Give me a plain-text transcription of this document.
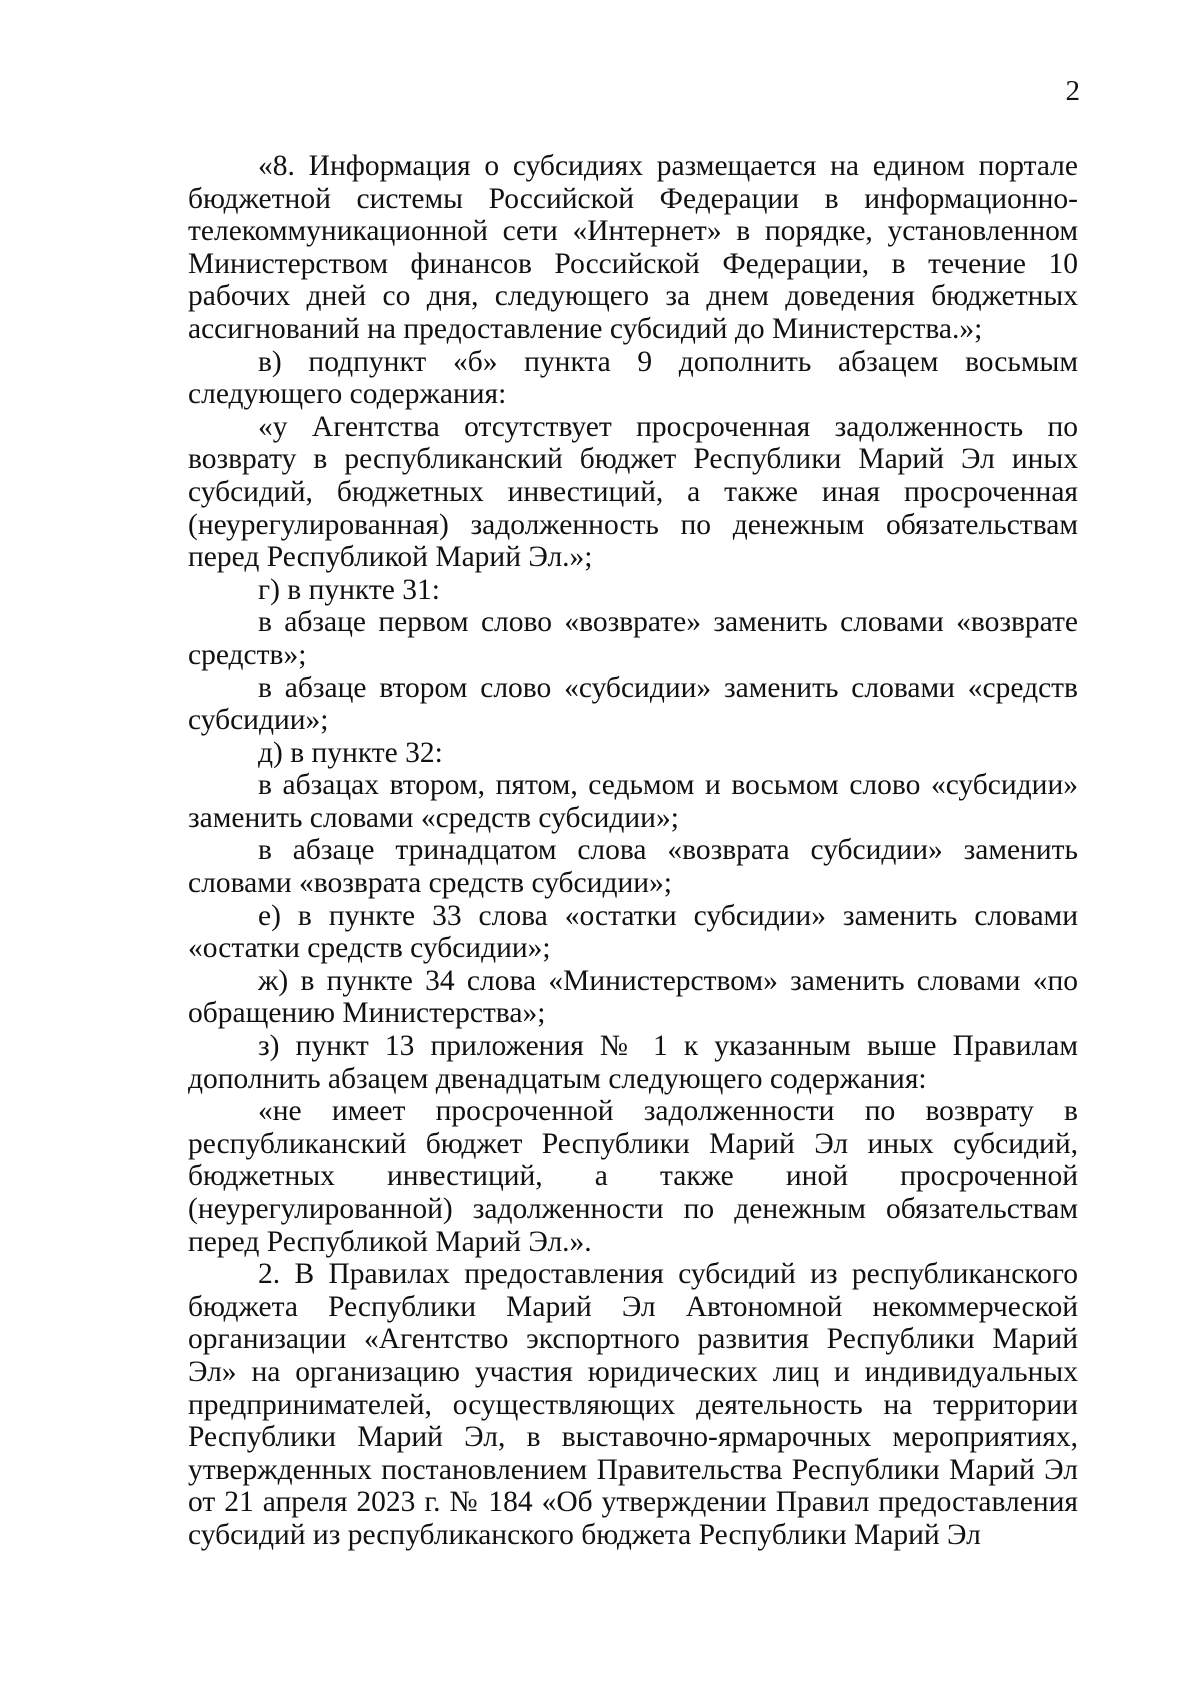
2

«8. Информация о субсидиях размещается на едином портале бюджетной системы Российской Федерации в информационно-телекоммуникационной сети «Интернет» в порядке, установленном Министерством финансов Российской Федерации, в течение 10 рабочих дней со дня, следующего за днем доведения бюджетных ассигнований на предоставление субсидий до Министерства.»;

в) подпункт «б» пункта 9 дополнить абзацем восьмым следующего содержания:

«у Агентства отсутствует просроченная задолженность по возврату в республиканский бюджет Республики Марий Эл иных субсидий, бюджетных инвестиций, а также иная просроченная (неурегулированная) задолженность по денежным обязательствам перед Республикой Марий Эл.»;

г) в пункте 31:

в абзаце первом слово «возврате» заменить словами «возврате средств»;

в абзаце втором слово «субсидии» заменить словами «средств субсидии»;

д) в пункте 32:

в абзацах втором, пятом, седьмом и восьмом слово «субсидии» заменить словами «средств субсидии»;

в абзаце тринадцатом слова «возврата субсидии» заменить словами «возврата средств субсидии»;

е) в пункте 33 слова «остатки субсидии» заменить словами «остатки средств субсидии»;

ж) в пункте 34 слова «Министерством» заменить словами «по обращению Министерства»;

з) пункт 13 приложения № 1 к указанным выше Правилам дополнить абзацем двенадцатым следующего содержания:

«не имеет просроченной задолженности по возврату в республиканский бюджет Республики Марий Эл иных субсидий, бюджетных инвестиций, а также иной просроченной (неурегулированной) задолженности по денежным обязательствам перед Республикой Марий Эл.».

2. В Правилах предоставления субсидий из республиканского бюджета Республики Марий Эл Автономной некоммерческой организации «Агентство экспортного развития Республики Марий Эл» на организацию участия юридических лиц и индивидуальных предпринимателей, осуществляющих деятельность на территории Республики Марий Эл, в выставочно-ярмарочных мероприятиях, утвержденных постановлением Правительства Республики Марий Эл от 21 апреля 2023 г. № 184 «Об утверждении Правил предоставления субсидий из республиканского бюджета Республики Марий Эл
